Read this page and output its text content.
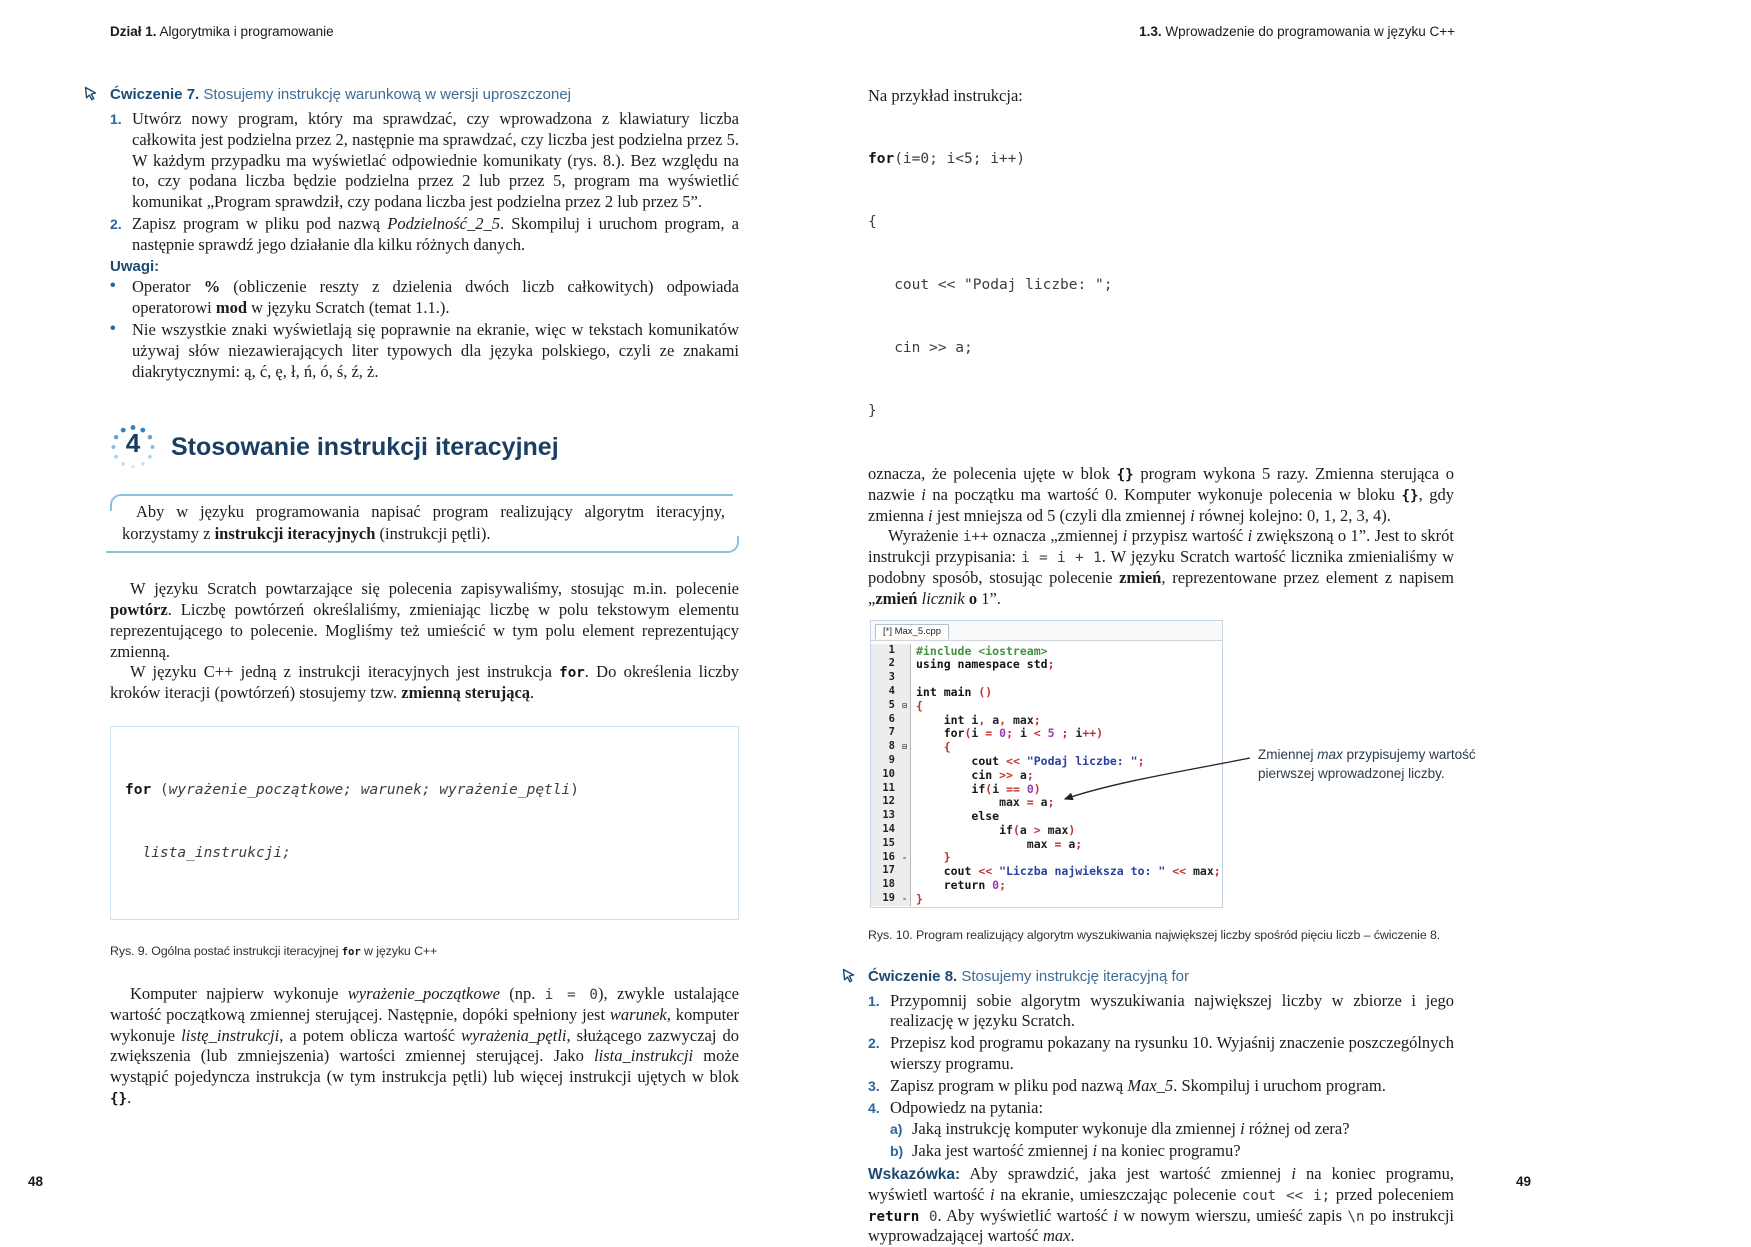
Dział 1. Algorytmika i programowanie	1.3. Wprowadzenie do programowania w języku C++
Ćwiczenie 7. Stosujemy instrukcję warunkową w wersji uproszczonej
1. Utwórz nowy program, który ma sprawdzać, czy wprowadzona z klawiatury liczba całkowita jest podzielna przez 2, następnie ma sprawdzać, czy liczba jest podzielna przez 5. W każdym przypadku ma wyświetlać odpowiednie komunikaty (rys. 8.). Bez względu na to, czy podana liczba będzie podzielna przez 2 lub przez 5, program ma wyświetlić komunikat „Program sprawdził, czy podana liczba jest podzielna przez 2 lub przez 5”.
2. Zapisz program w pliku pod nazwą Podzielność_2_5. Skompiluj i uruchom program, a następnie sprawdź jego działanie dla kilku różnych danych.
Uwagi:
• Operator % (obliczenie reszty z dzielenia dwóch liczb całkowitych) odpowiada operatorowi mod w języku Scratch (temat 1.1.).
• Nie wszystkie znaki wyświetlają się poprawnie na ekranie, więc w tekstach komunikatów używaj słów niezawierających liter typowych dla języka polskiego, czyli ze znakami diakrytycznymi: ą, ć, ę, ł, ń, ó, ś, ź, ż.
4	Stosowanie instrukcji iteracyjnej
Aby w języku programowania napisać program realizujący algorytm iteracyjny, korzystamy z instrukcji iteracyjnych (instrukcji pętli).

W języku Scratch powtarzające się polecenia zapisywaliśmy, stosując m.in. polecenie powtórz. Liczbę powtórzeń określaliśmy, zmieniając liczbę w polu tekstowym elementu reprezentującego to polecenie. Mogliśmy też umieścić w tym polu element reprezentujący zmienną.

W języku C++ jedną z instrukcji iteracyjnych jest instrukcja for. Do określenia liczby kroków iteracji (powtórzeń) stosujemy tzw. zmienną sterującą.

for (wyrażenie_początkowe; warunek; wyrażenie_pętli)

lista_instrukcji;

Rys. 9. Ogólna postać instrukcji iteracyjnej for w języku C++

Komputer najpierw wykonuje wyrażenie_początkowe (np. i = 0), zwykle ustalające wartość początkową zmiennej sterującej. Następnie, dopóki spełniony jest warunek, komputer wykonuje listę_instrukcji, a potem oblicza wartość wyrażenia_pętli, służącego zazwyczaj do zwiększenia (lub zmniejszenia) wartości zmiennej sterującej. Jako lista_instrukcji może wystąpić pojedyncza instrukcja (w tym instrukcja pętli) lub więcej instrukcji ujętych w blok {}.

Na przykład instrukcja:

for(i=0; i<5; i++)

{

cout << "Podaj liczbe: ";

cin >> a;

}

oznacza, że polecenia ujęte w blok {} program wykona 5 razy. Zmienna sterująca o nazwie i na początku ma wartość 0. Komputer wykonuje polecenia w bloku {}, gdy zmienna i jest mniejsza od 5 (czyli dla zmiennej i równej kolejno: 0, 1, 2, 3, 4).

Wyrażenie i++ oznacza „zmiennej i przypisz wartość i zwiększoną o 1”. Jest to skrót instrukcji przypisania: i = i + 1. W języku Scratch wartość licznika zmienialiśmy w podobny sposób, stosując polecenie zmień, reprezentowane przez element z napisem „zmień licznik o 1”.

[*] Max_5.cpp
1	#include <iostream>
2	using namespace std;
3
4	int main ()
5 ⊟ {
6	int i, a, max;
7	for(i = 0; i < 5 ; i++)
8 ⊟	{
9	cout << "Podaj liczbe: ";
10	cin >> a;
11	if(i == 0)
12	max = a;
13	else
14	if(a > max)
15	max = a;
16 -	}
17	cout << "Liczba najwieksza to: " << max;
18	return 0;
19 - }
Zmiennej max przypisujemy wartość pierwszej wprowadzonej liczby.
Rys. 10. Program realizujący algorytm wyszukiwania największej liczby spośród pięciu liczb – ćwiczenie 8.
Ćwiczenie 8. Stosujemy instrukcję iteracyjną for
1. Przypomnij sobie algorytm wyszukiwania największej liczby w zbiorze i jego realizację w języku Scratch.
2. Przepisz kod programu pokazany na rysunku 10. Wyjaśnij znaczenie poszczególnych wierszy programu.
3. Zapisz program w pliku pod nazwą Max_5. Skompiluj i uruchom program.
4. Odpowiedz na pytania:
a) Jaką instrukcję komputer wykonuje dla zmiennej i różnej od zera?
b) Jaka jest wartość zmiennej i na koniec programu?

Wskazówka: Aby sprawdzić, jaka jest wartość zmiennej i na koniec programu, wyświetl wartość i na ekranie, umieszczając polecenie cout << i; przed poleceniem return 0. Aby wyświetlić wartość i w nowym wierszu, umieść zapis \n po instrukcji wyprowadzającej wartość max.

48	49
